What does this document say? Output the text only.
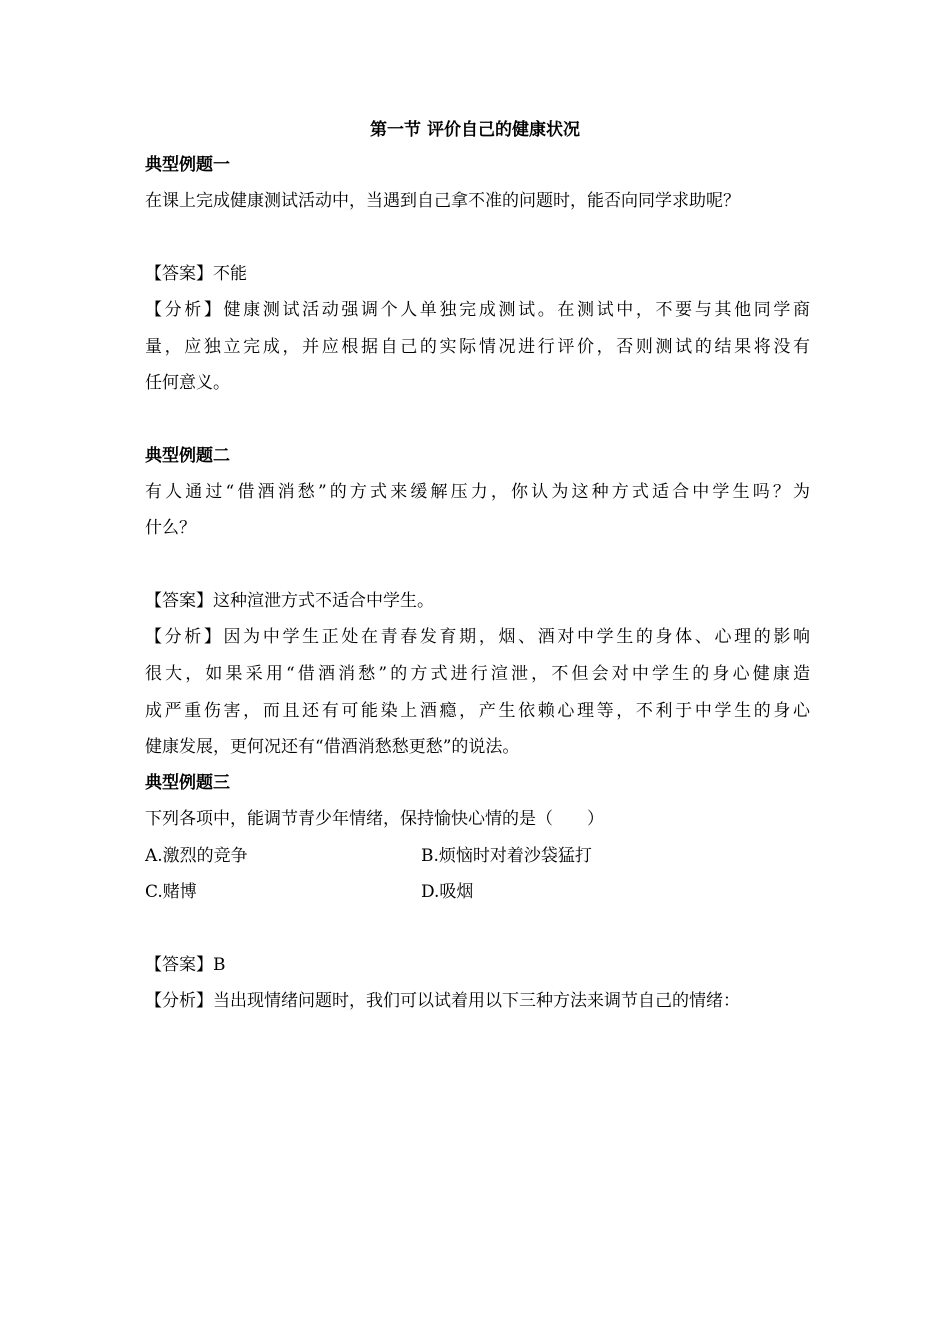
第一节 评价自己的健康状况
典型例题一
在课上完成健康测试活动中，当遇到自己拿不准的问题时，能否向同学求助呢？
【答案】不能
【分析】健康测试活动强调个人单独完成测试。在测试中，不要与其他同学商
量，应独立完成，并应根据自己的实际情况进行评价，否则测试的结果将没有
任何意义。
典型例题二
有人通过“借酒消愁”的方式来缓解压力，你认为这种方式适合中学生吗？为
什么？
【答案】这种渲泄方式不适合中学生。
【分析】因为中学生正处在青春发育期，烟、酒对中学生的身体、心理的影响
很大，如果采用“借酒消愁”的方式进行渲泄，不但会对中学生的身心健康造
成严重伤害，而且还有可能染上酒瘾，产生依赖心理等，不利于中学生的身心
健康发展，更何况还有“借酒消愁愁更愁”的说法。
典型例题三
下列各项中，能调节青少年情绪，保持愉快心情的是（　　）
A.激烈的竞争	B.烦恼时对着沙袋猛打
C.赌博	D.吸烟
【答案】B
【分析】当出现情绪问题时，我们可以试着用以下三种方法来调节自己的情绪：
